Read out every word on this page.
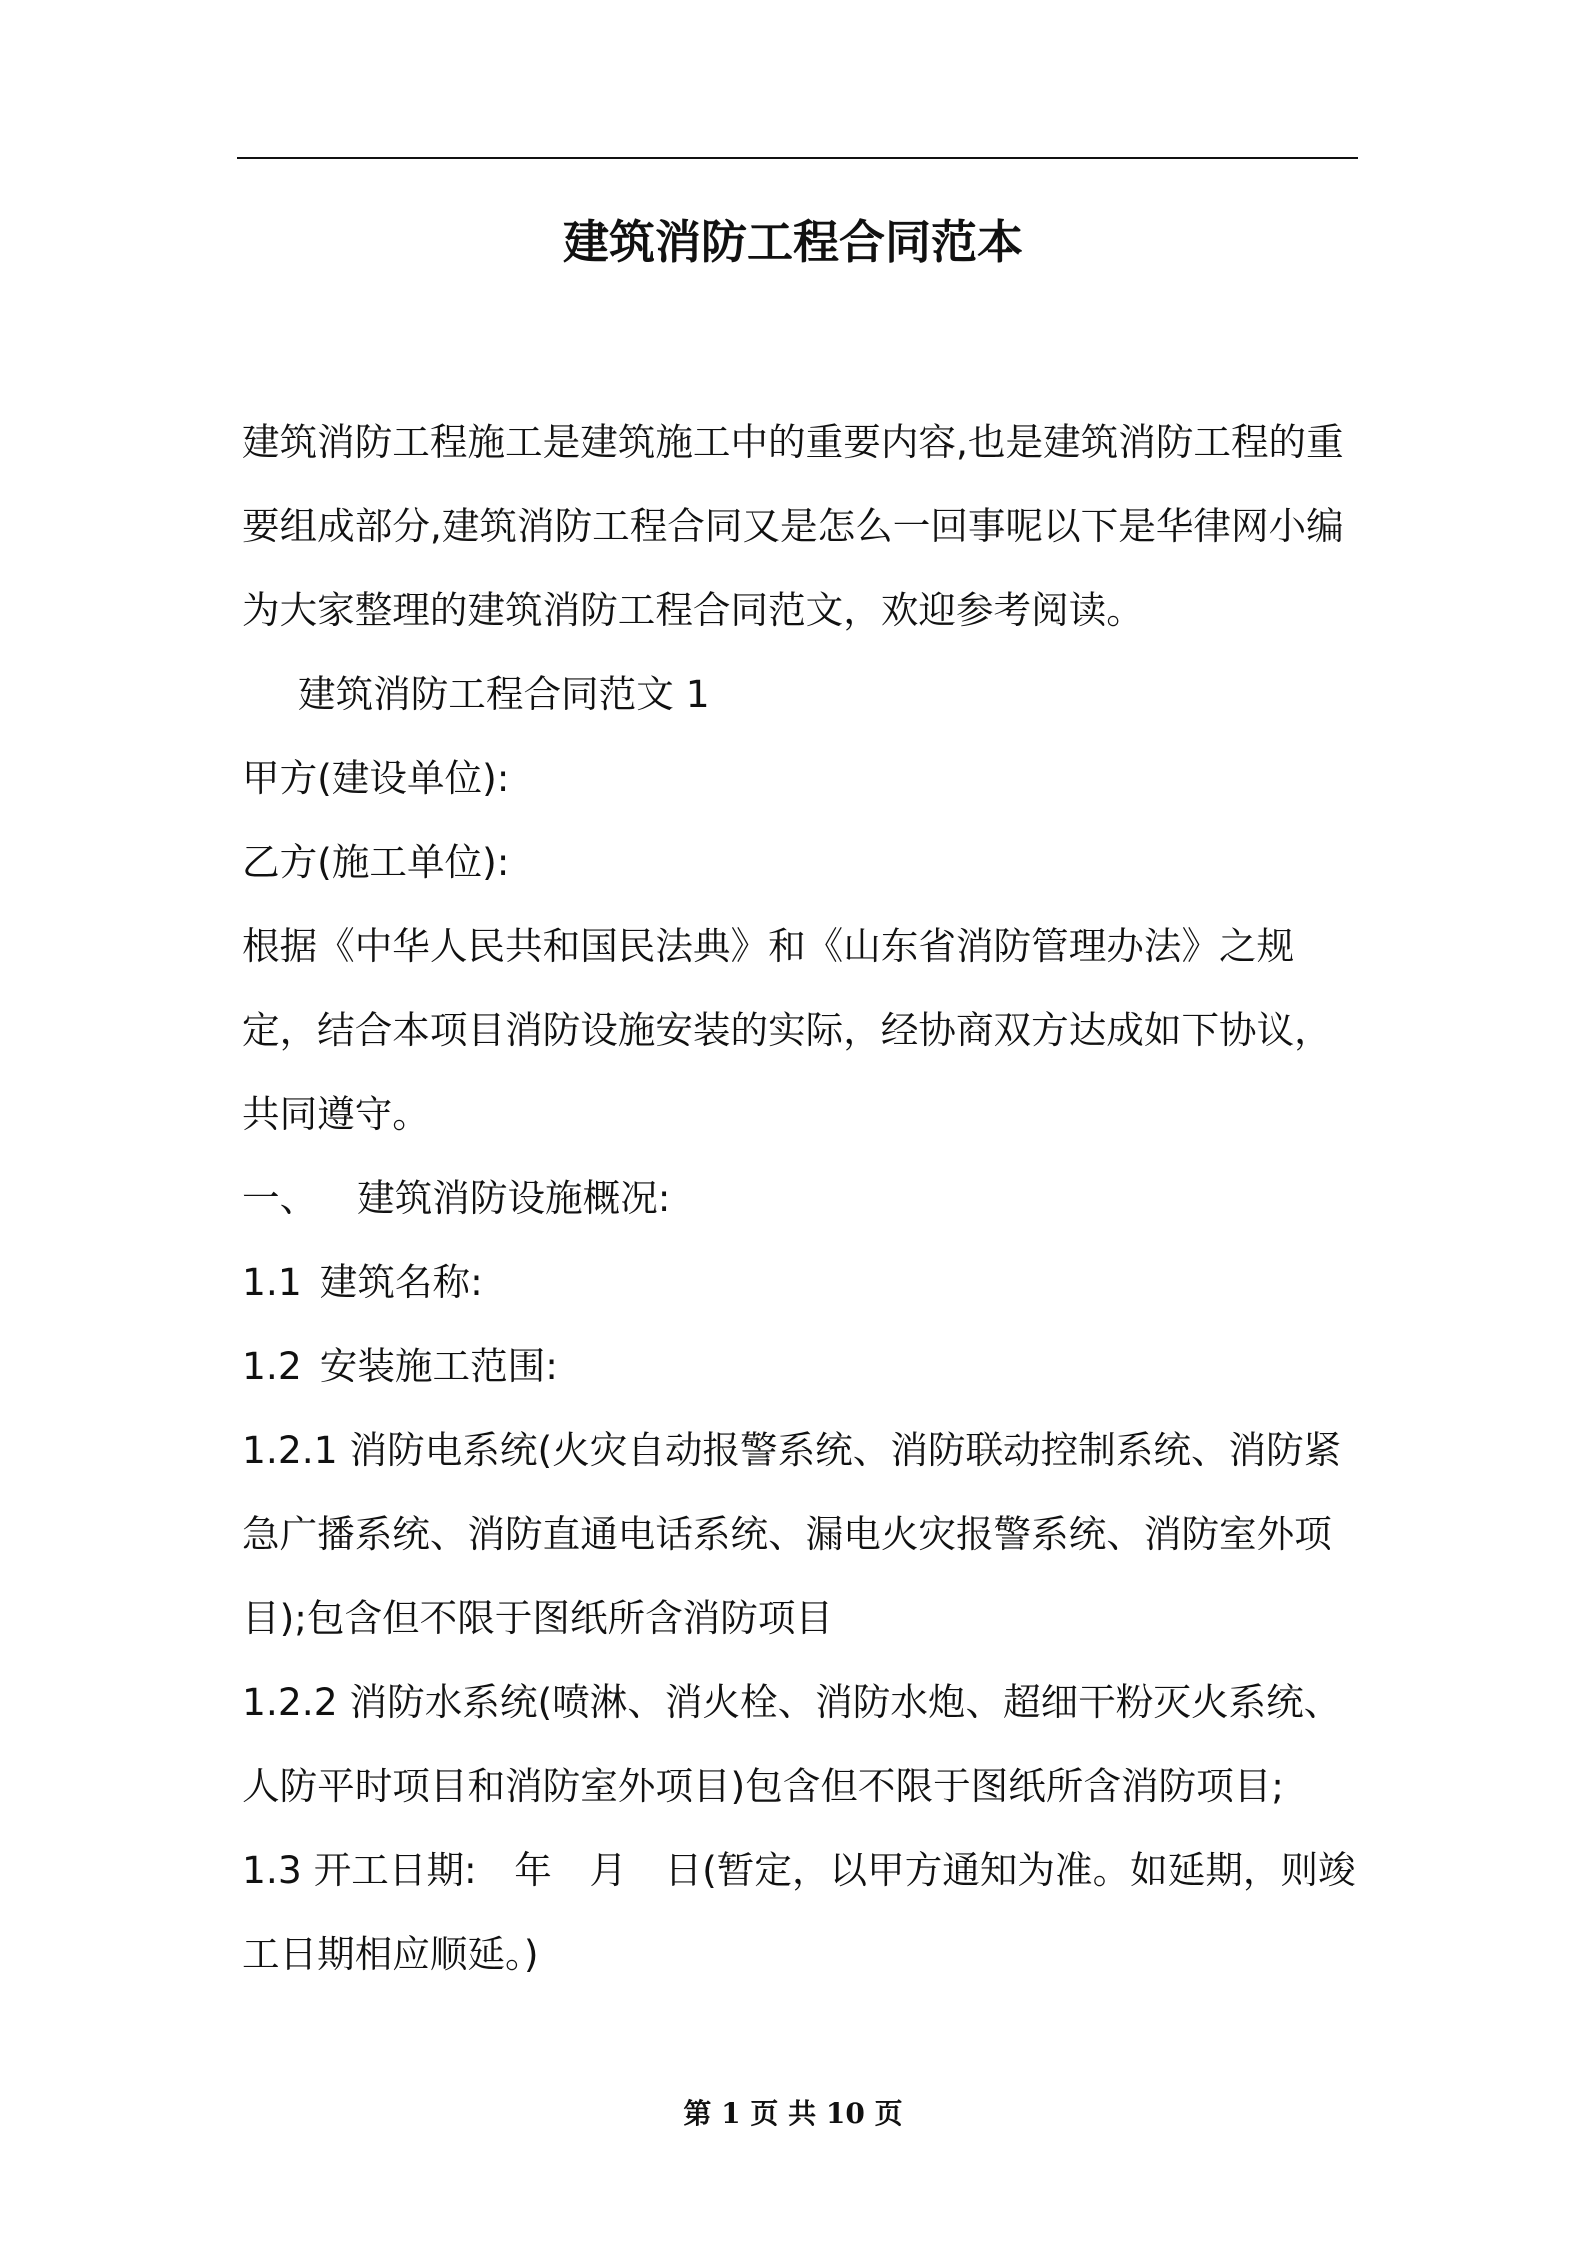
建筑消防工程合同范本

建筑消防工程施工是建筑施工中的重要内容,也是建筑消防工程的重要组成部分,建筑消防工程合同又是怎么一回事呢以下是华律网小编为大家整理的建筑消防工程合同范文，欢迎参考阅读。

建筑消防工程合同范文 1

甲方(建设单位):

乙方(施工单位):

根据《中华人民共和国民法典》和《山东省消防管理办法》之规定，结合本项目消防设施安装的实际，经协商双方达成如下协议，共同遵守。

一、 建筑消防设施概况:

1.1 建筑名称:

1.2 安装施工范围:

1.2.1 消防电系统(火灾自动报警系统、消防联动控制系统、消防紧急广播系统、消防直通电话系统、漏电火灾报警系统、消防室外项目);包含但不限于图纸所含消防项目

1.2.2 消防水系统(喷淋、消火栓、消防水炮、超细干粉灭火系统、人防平时项目和消防室外项目)包含但不限于图纸所含消防项目;

1.3 开工日期:　年　月　日(暂定，以甲方通知为准。如延期，则竣工日期相应顺延。)

第 1 页 共 10 页
